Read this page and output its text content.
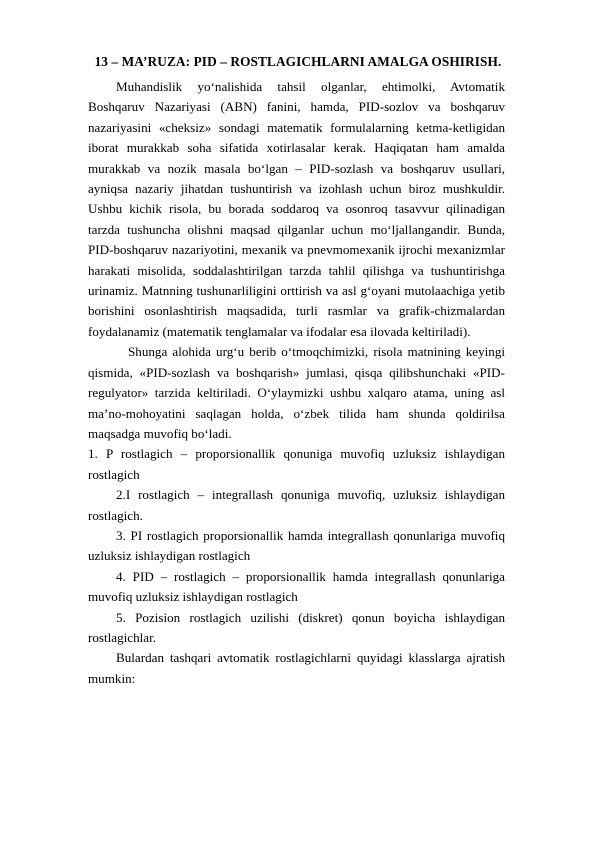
13 – MA’RUZA: PID – ROSTLAGICHLARNI AMALGA OSHIRISH.

Muhandislik yo‘nalishida tahsil olganlar, ehtimolki, Avtomatik Boshqaruv Nazariyasi (ABN) fanini, hamda, PID-sozlov va boshqaruv nazariyasini «cheksiz» sondagi matematik formulalarning ketma-ketligidan iborat murakkab soha sifatida xotirlasalar kerak. Haqiqatan ham amalda murakkab va nozik masala bo‘lgan – PID-sozlash va boshqaruv usullari, ayniqsa nazariy jihatdan tushuntirish va izohlash uchun biroz mushkuldir. Ushbu kichik risola, bu borada soddaroq va osonroq tasavvur qilinadigan tarzda tushuncha olishni maqsad qilganlar uchun mo‘ljallangandir. Bunda, PID-boshqaruv nazariyotini, mexanik va pnevmomexanik ijrochi mexanizmlar harakati misolida, soddalashtirilgan tarzda tahlil qilishga va tushuntirishga urinamiz. Matnning tushunarliligini orttirish va asl g‘oyani mutolaachiga yetib borishini osonlashtirish maqsadida, turli rasmlar va grafik-chizmalardan foydalanamiz (matematik tenglamalar va ifodalar esa ilovada keltiriladi).

Shunga alohida urg‘u berib o‘tmoqchimizki, risola matnining keyingi qismida, «PID-sozlash va boshqarish» jumlasi, qisqa qilibshunchaki «PID-regulyator» tarzida keltiriladi. O‘ylaymizki ushbu xalqaro atama, uning asl ma’no-mohoyatini saqlagan holda, o‘zbek tilida ham shunda qoldirilsa maqsadga muvofiq bo‘ladi.

1. P rostlagich – proporsionallik qonuniga muvofiq uzluksiz ishlaydigan rostlagich

2.I rostlagich – integrallash qonuniga muvofiq, uzluksiz ishlaydigan rostlagich.

3. PI rostlagich proporsionallik hamda integrallash qonunlariga muvofiq uzluksiz ishlaydigan rostlagich

4. PID – rostlagich – proporsionallik hamda integrallash qonunlariga muvofiq uzluksiz ishlaydigan rostlagich

5. Pozision rostlagich uzilishi (diskret) qonun boyicha ishlaydigan rostlagichlar.

Bulardan tashqari avtomatik rostlagichlarni quyidagi klasslarga ajratish mumkin:
